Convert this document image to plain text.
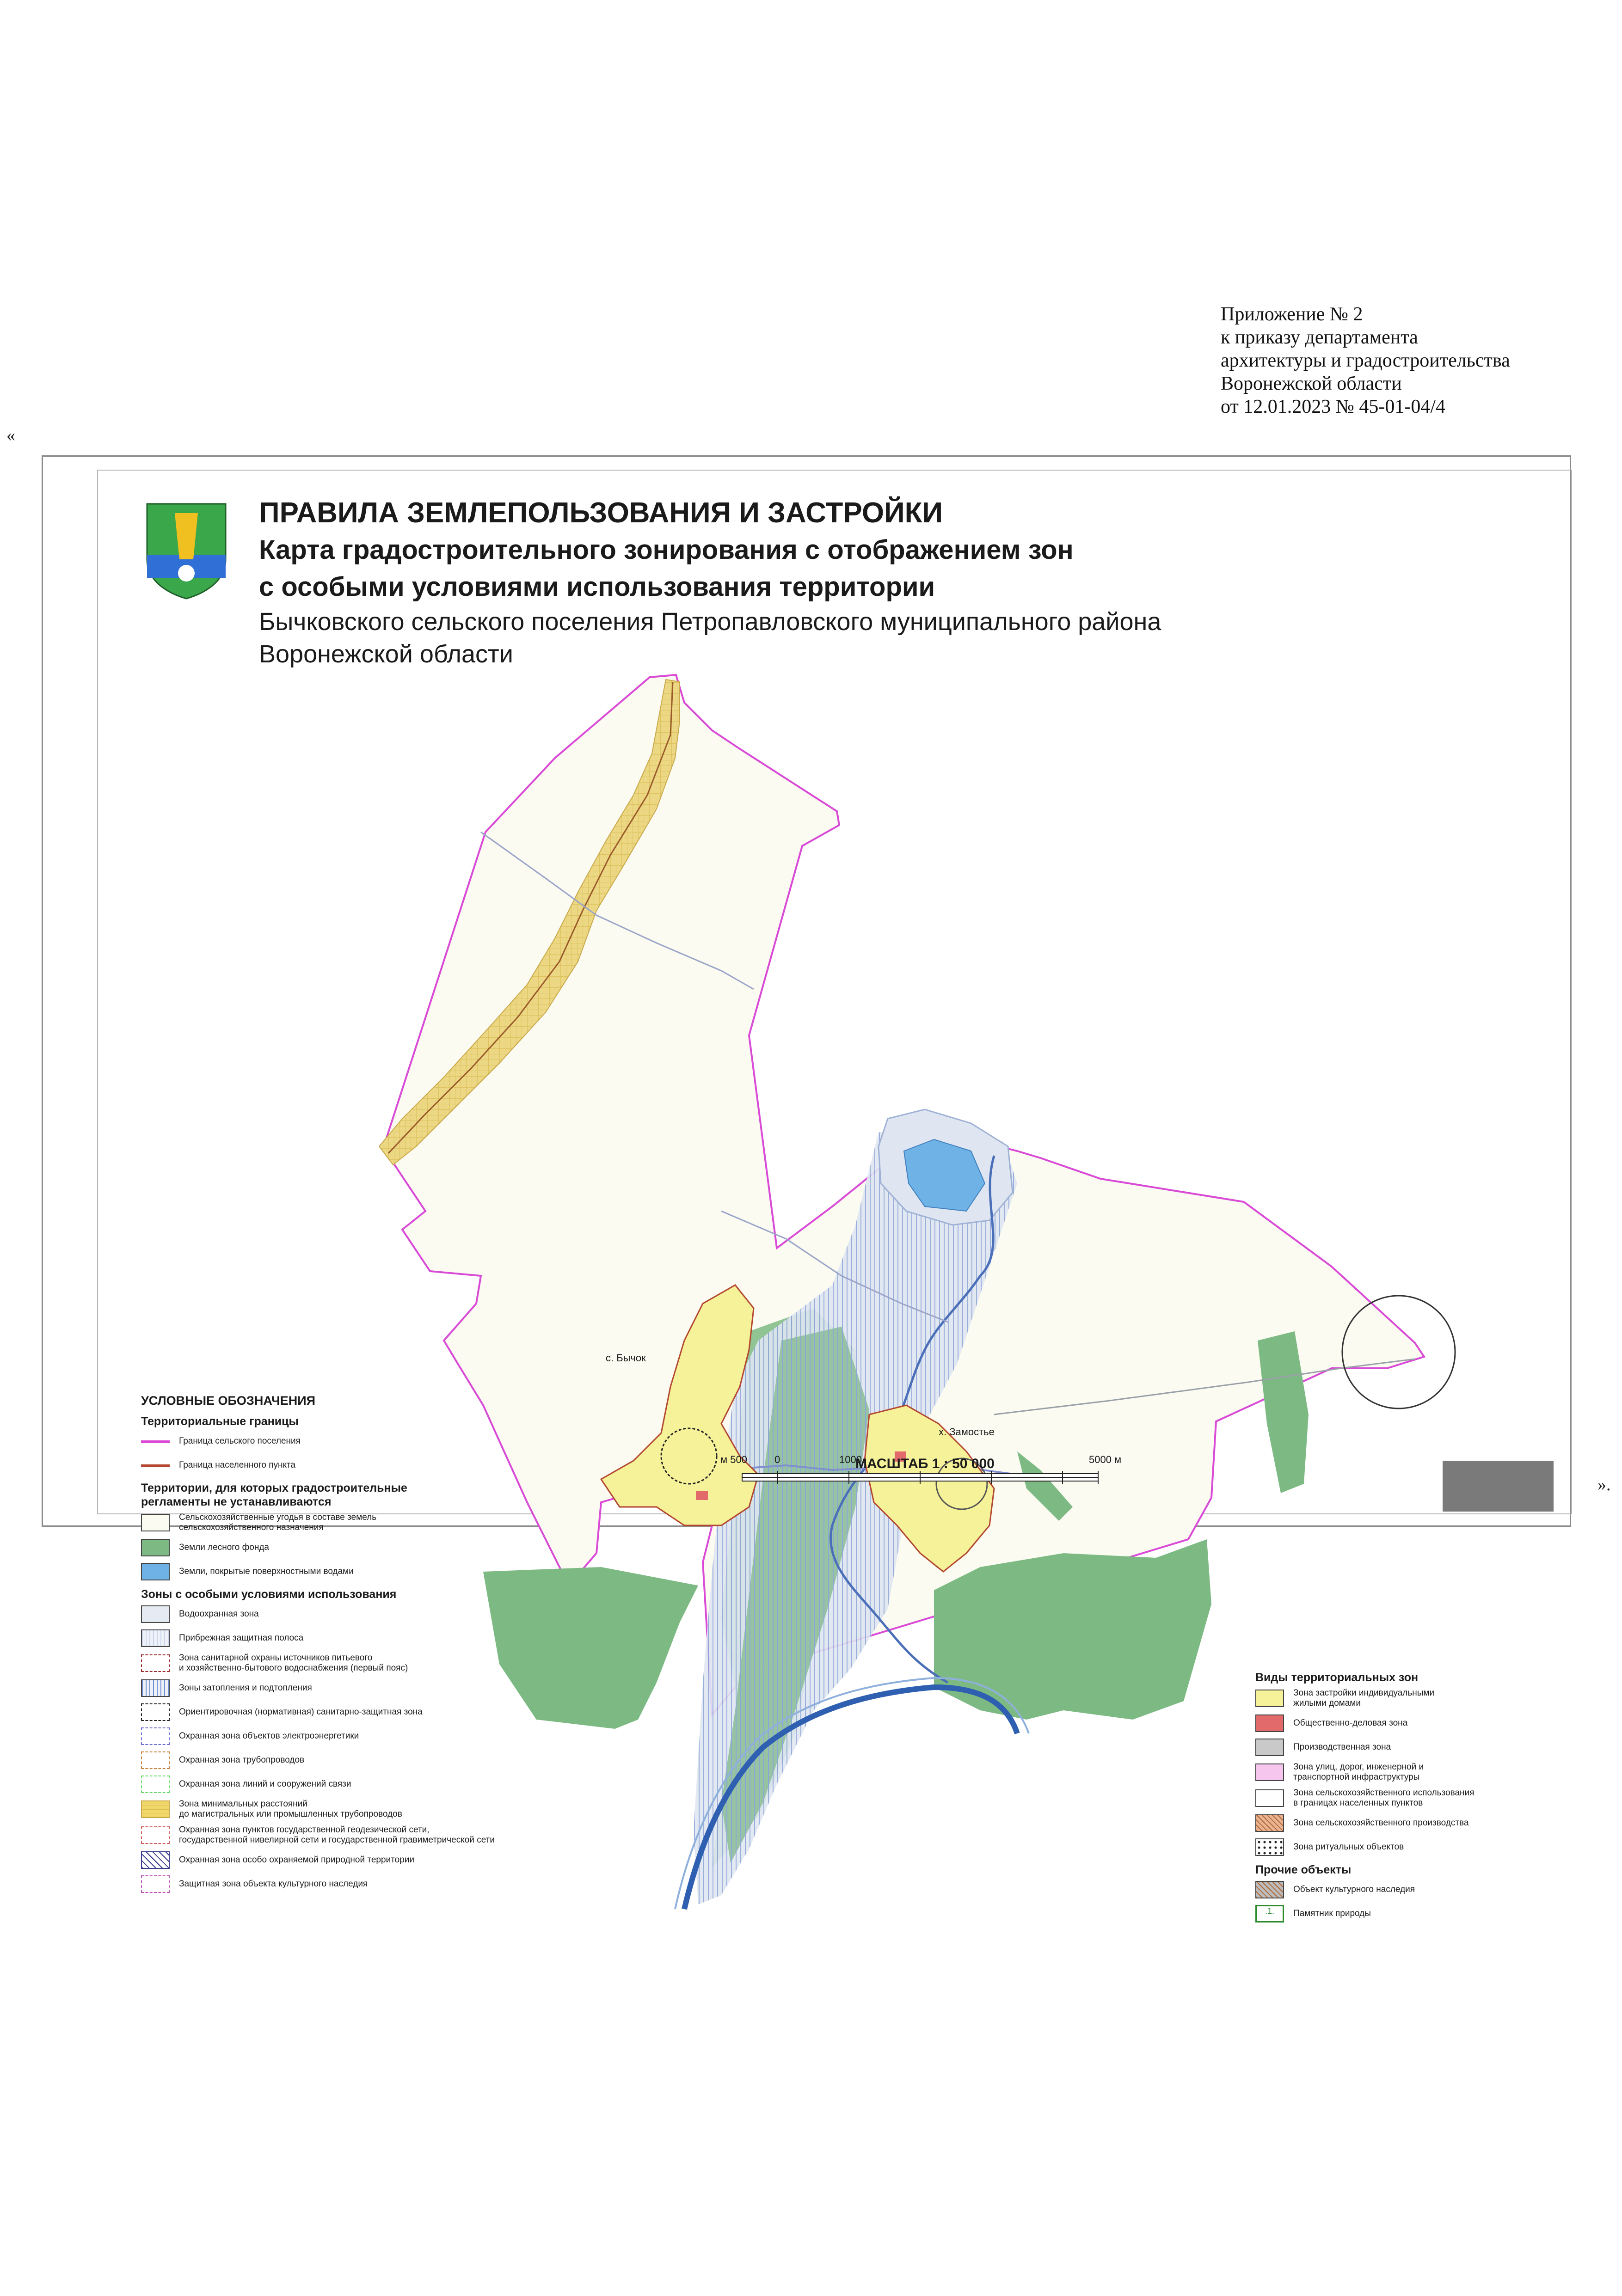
Приложение № 2
к приказу департамента
архитектуры и градостроительства
Воронежской области
от 12.01.2023 № 45-01-04/4
«
».
ПРАВИЛА ЗЕМЛЕПОЛЬЗОВАНИЯ И ЗАСТРОЙКИ
Карта градостроительного зонирования с отображением зон
с особыми условиями использования территории
Бычковского сельского поселения Петропавловского муниципального района
Воронежской области
с. Бычок
х. Замостье
УСЛОВНЫЕ ОБОЗНАЧЕНИЯ
Территориальные границы
Граница сельского поселения
Граница населенного пункта
Территории, для которых градостроительные
регламенты не устанавливаются
Сельскохозяйственные угодья в составе земель
сельскохозяйственного назначения
Земли лесного фонда
Земли, покрытые поверхностными водами
Зоны с особыми условиями использования
Водоохранная зона
Прибрежная защитная полоса
Зона санитарной охраны источников питьевого
и хозяйственно-бытового водоснабжения (первый пояс)
Зоны затопления и подтопления
Ориентировочная (нормативная) санитарно-защитная зона
Охранная зона объектов электроэнергетики
Охранная зона трубопроводов
Охранная зона линий и сооружений связи
Зона минимальных расстояний
до магистральных или промышленных трубопроводов
Охранная зона пунктов государственной геодезической сети,
государственной нивелирной сети и государственной гравиметрической сети
Охранная зона особо охраняемой природной территории
Защитная зона объекта культурного наследия
Виды территориальных зон
Зона застройки индивидуальными
жилыми домами
Общественно-деловая зона
Производственная зона
Зона улиц, дорог, инженерной и
транспортной инфраструктуры
Зона сельскохозяйственного использования
в границах населенных пунктов
Зона сельскохозяйственного производства
Зона ритуальных объектов
Прочие объекты
Объект культурного наследия
.1.	Памятник природы
МАСШТАБ 1 : 50 000
м 500	0	1000	5000 м
